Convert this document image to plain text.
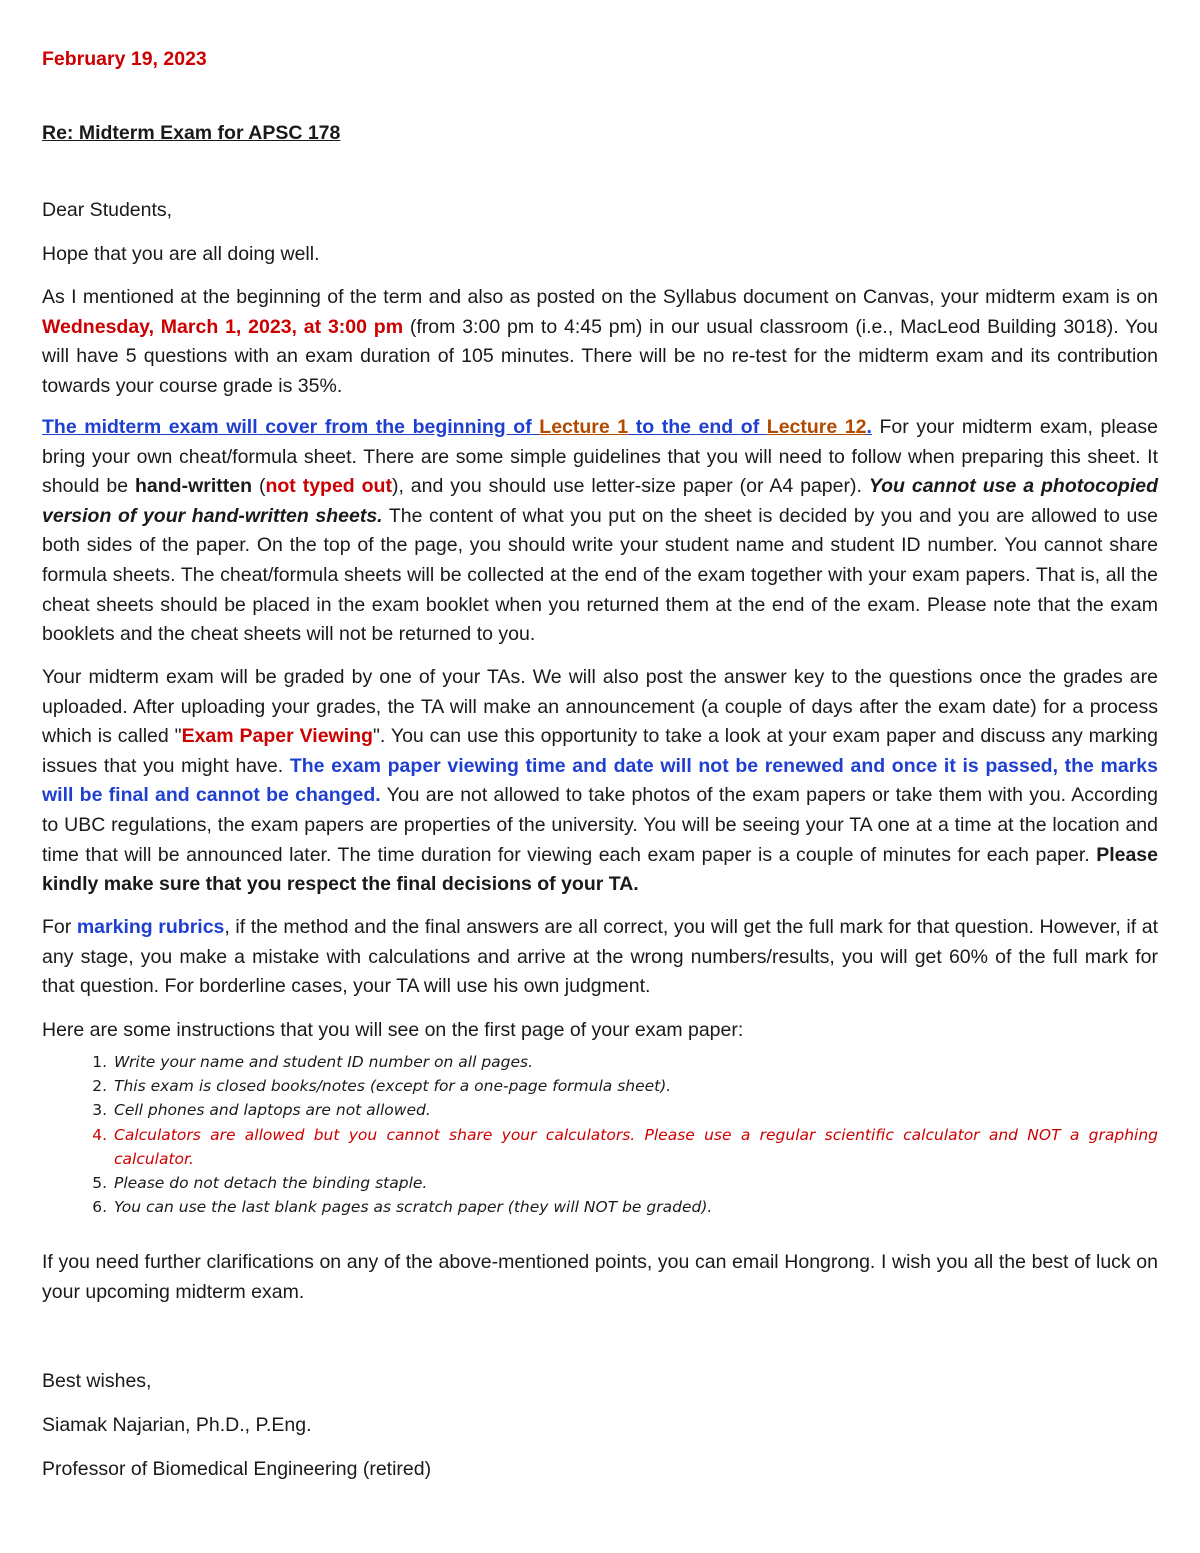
February 19, 2023

Re: Midterm Exam for APSC 178

Dear Students,

Hope that you are all doing well.

As I mentioned at the beginning of the term and also as posted on the Syllabus document on Canvas, your midterm exam is on Wednesday, March 1, 2023, at 3:00 pm (from 3:00 pm to 4:45 pm) in our usual classroom (i.e., MacLeod Building 3018). You will have 5 questions with an exam duration of 105 minutes. There will be no re-test for the midterm exam and its contribution towards your course grade is 35%.

The midterm exam will cover from the beginning of Lecture 1 to the end of Lecture 12. For your midterm exam, please bring your own cheat/formula sheet. There are some simple guidelines that you will need to follow when preparing this sheet. It should be hand-written (not typed out), and you should use letter-size paper (or A4 paper). You cannot use a photocopied version of your hand-written sheets. The content of what you put on the sheet is decided by you and you are allowed to use both sides of the paper. On the top of the page, you should write your student name and student ID number. You cannot share formula sheets. The cheat/formula sheets will be collected at the end of the exam together with your exam papers. That is, all the cheat sheets should be placed in the exam booklet when you returned them at the end of the exam. Please note that the exam booklets and the cheat sheets will not be returned to you.

Your midterm exam will be graded by one of your TAs. We will also post the answer key to the questions once the grades are uploaded. After uploading your grades, the TA will make an announcement (a couple of days after the exam date) for a process which is called "Exam Paper Viewing". You can use this opportunity to take a look at your exam paper and discuss any marking issues that you might have. The exam paper viewing time and date will not be renewed and once it is passed, the marks will be final and cannot be changed. You are not allowed to take photos of the exam papers or take them with you. According to UBC regulations, the exam papers are properties of the university. You will be seeing your TA one at a time at the location and time that will be announced later. The time duration for viewing each exam paper is a couple of minutes for each paper. Please kindly make sure that you respect the final decisions of your TA.

For marking rubrics, if the method and the final answers are all correct, you will get the full mark for that question. However, if at any stage, you make a mistake with calculations and arrive at the wrong numbers/results, you will get 60% of the full mark for that question. For borderline cases, your TA will use his own judgment.

Here are some instructions that you will see on the first page of your exam paper:

1. Write your name and student ID number on all pages.
2. This exam is closed books/notes (except for a one-page formula sheet).
3. Cell phones and laptops are not allowed.
4. Calculators are allowed but you cannot share your calculators. Please use a regular scientific calculator and NOT a graphing calculator.
5. Please do not detach the binding staple.
6. You can use the last blank pages as scratch paper (they will NOT be graded).

If you need further clarifications on any of the above-mentioned points, you can email Hongrong. I wish you all the best of luck on your upcoming midterm exam.

Best wishes,

Siamak Najarian, Ph.D., P.Eng.

Professor of Biomedical Engineering (retired)
